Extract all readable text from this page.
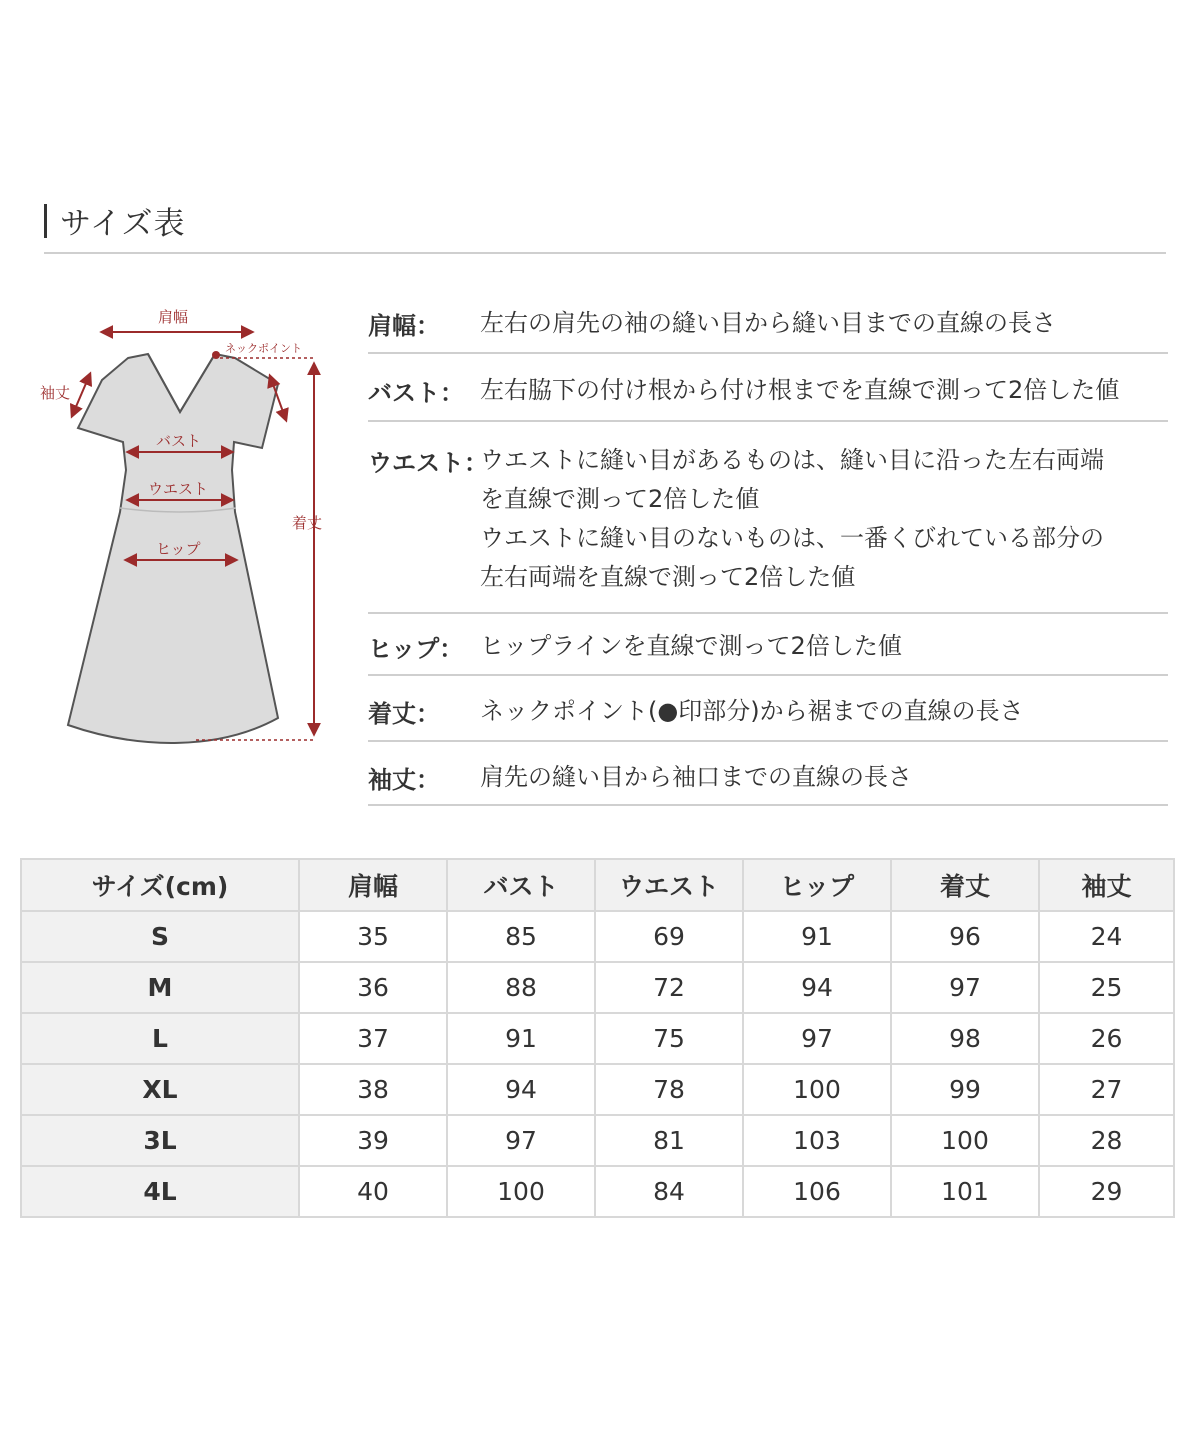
サイズ表
肩幅
ネックポイント
着丈
袖丈
バスト
ウエスト
ヒップ
肩幅： 左右の肩先の袖の縫い目から縫い目までの直線の長さ
バスト： 左右脇下の付け根から付け根までを直線で測って2倍した値
ウエスト：
ウエストに縫い目があるものは、縫い目に沿った左右両端
を直線で測って2倍した値
ウエストに縫い目のないものは、一番くびれている部分の
左右両端を直線で測って2倍した値
ヒップ： ヒップラインを直線で測って2倍した値
着丈： ネックポイント(●印部分)から裾までの直線の長さ
袖丈： 肩先の縫い目から袖口までの直線の長さ
サイズ(cm)	肩幅	バスト	ウエスト	ヒップ	着丈	袖丈
S	35	85	69	91	96	24
M	36	88	72	94	97	25
L	37	91	75	97	98	26
XL	38	94	78	100	99	27
3L	39	97	81	103	100	28
4L	40	100	84	106	101	29
